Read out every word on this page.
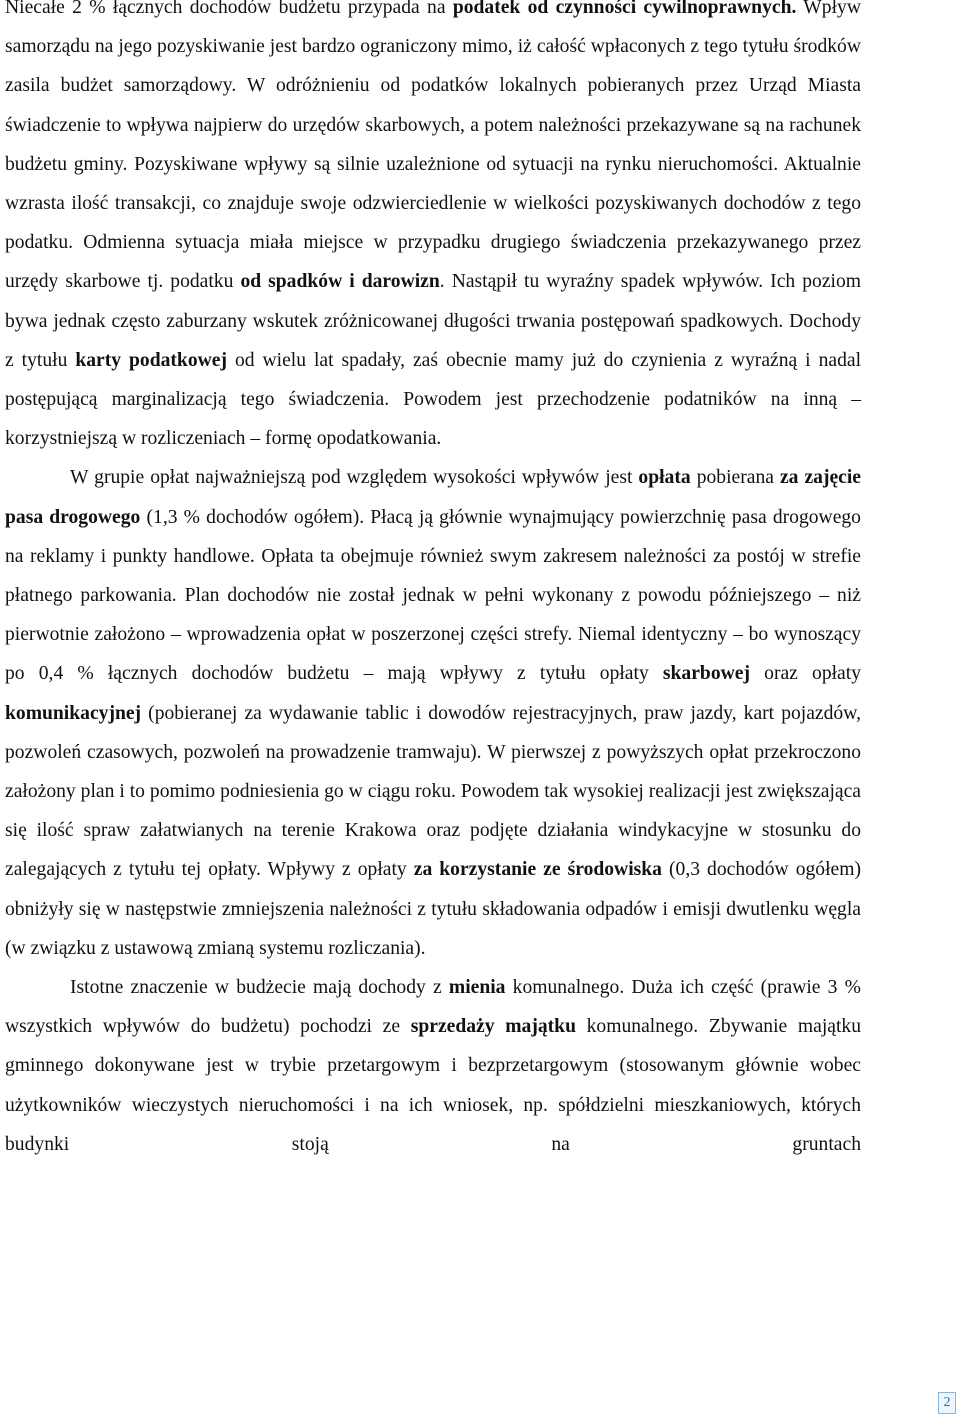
Niecałe 2 % łącznych dochodów budżetu przypada na podatek od czynności cywilnoprawnych. Wpływ samorządu na jego pozyskiwanie jest bardzo ograniczony mimo, iż całość wpłaconych z tego tytułu środków zasila budżet samorządowy. W odróżnieniu od podatków lokalnych pobieranych przez Urząd Miasta świadczenie to wpływa najpierw do urzędów skarbowych, a potem należności przekazywane są na rachunek budżetu gminy. Pozyskiwane wpływy są silnie uzależnione od sytuacji na rynku nieruchomości. Aktualnie wzrasta ilość transakcji, co znajduje swoje odzwierciedlenie w wielkości pozyskiwanych dochodów z tego podatku. Odmienna sytuacja miała miejsce w przypadku drugiego świadczenia przekazywanego przez urzędy skarbowe tj. podatku od spadków i darowizn. Nastąpił tu wyraźny spadek wpływów. Ich poziom bywa jednak często zaburzany wskutek zróżnicowanej długości trwania postępowań spadkowych. Dochody z tytułu karty podatkowej od wielu lat spadały, zaś obecnie mamy już do czynienia z wyraźną i nadal postępującą marginalizacją tego świadczenia. Powodem jest przechodzenie podatników na inną – korzystniejszą w rozliczeniach – formę opodatkowania.

W grupie opłat najważniejszą pod względem wysokości wpływów jest opłata pobierana za zajęcie pasa drogowego (1,3 % dochodów ogółem). Płacą ją głównie wynajmujący powierzchnię pasa drogowego na reklamy i punkty handlowe. Opłata ta obejmuje również swym zakresem należności za postój w strefie płatnego parkowania. Plan dochodów nie został jednak w pełni wykonany z powodu późniejszego – niż pierwotnie założono – wprowadzenia opłat w poszerzonej części strefy. Niemal identyczny – bo wynoszący po 0,4 % łącznych dochodów budżetu – mają wpływy z tytułu opłaty skarbowej oraz opłaty komunikacyjnej (pobieranej za wydawanie tablic i dowodów rejestracyjnych, praw jazdy, kart pojazdów, pozwoleń czasowych, pozwoleń na prowadzenie tramwaju). W pierwszej z powyższych opłat przekroczono założony plan i to pomimo podniesienia go w ciągu roku. Powodem tak wysokiej realizacji jest zwiększająca się ilość spraw załatwianych na terenie Krakowa oraz podjęte działania windykacyjne w stosunku do zalegających z tytułu tej opłaty. Wpływy z opłaty za korzystanie ze środowiska (0,3 dochodów ogółem) obniżyły się w następstwie zmniejszenia należności z tytułu składowania odpadów i emisji dwutlenku węgla (w związku z ustawową zmianą systemu rozliczania).

Istotne znaczenie w budżecie mają dochody z mienia komunalnego. Duża ich część (prawie 3 % wszystkich wpływów do budżetu) pochodzi ze sprzedaży majątku komunalnego. Zbywanie majątku gminnego dokonywane jest w trybie przetargowym i bezprzetargowym (stosowanym głównie wobec użytkowników wieczystych nieruchomości i na ich wniosek, np. spółdzielni mieszkaniowych, których budynki stoją na gruntach

2
